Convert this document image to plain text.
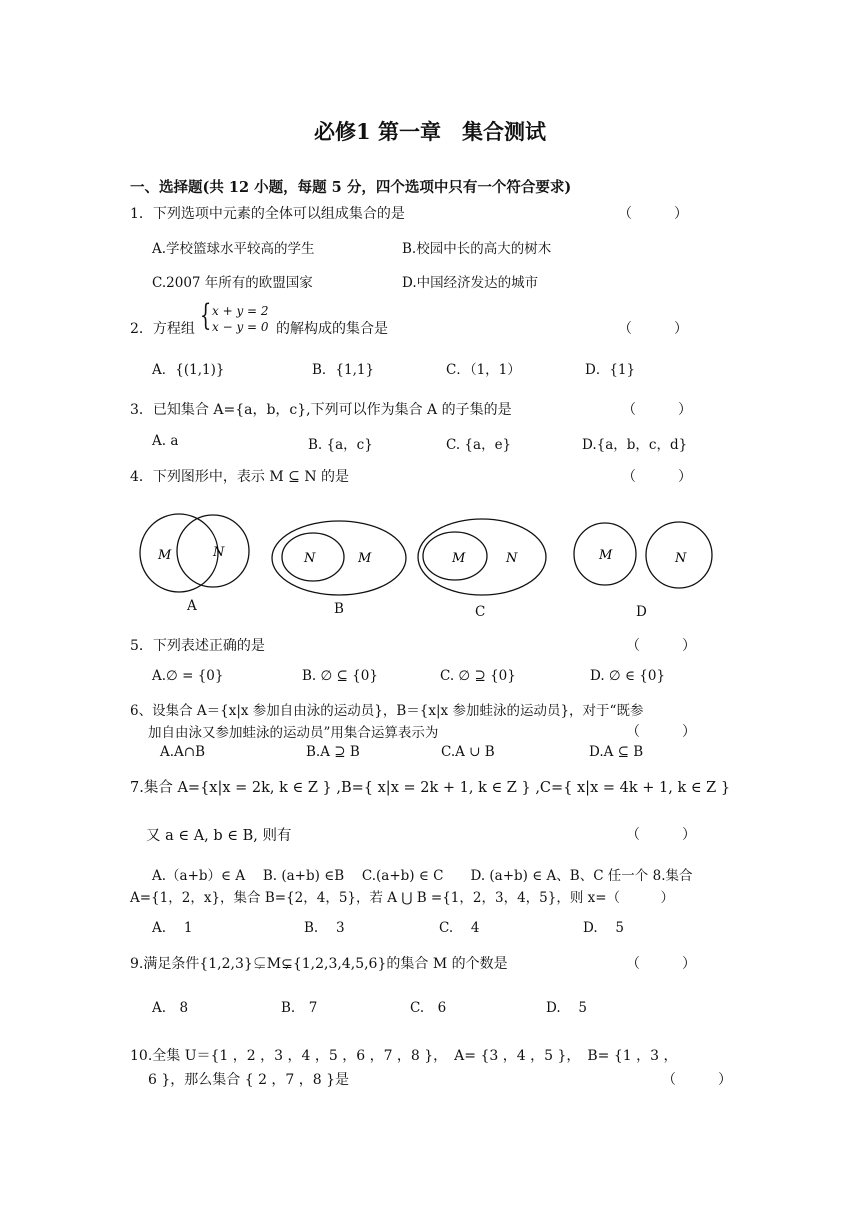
必修1 第一章　集合测试
一、选择题(共 12 小题，每题 5 分，四个选项中只有一个符合要求)
1．下列选项中元素的全体可以组成集合的是	（　　　）
A.学校篮球水平较高的学生	B.校园中长的高大的树木
C.2007 年所有的欧盟国家	D.中国经济发达的城市
2．方程组 { x + y = 2
x − y = 0 的解构成的集合是	（　　　）
A．{(1,1)}	B．{1,1}	C．（1，1）	D．{1}
3．已知集合 A={a，b，c},下列可以作为集合 A 的子集的是	（　　　）
A. a	B. {a，c}	C. {a，e}	D.{a，b，c，d}
4．下列图形中，表示 M ⊆ N 的是	（　　　）
M	N	N	M	M	N	M	N
A	B	C	D
5．下列表述正确的是	（　　　）
A.∅ = {0}	B. ∅ ⊆ {0}	C. ∅ ⊇ {0}	D. ∅ ∈ {0}
6、设集合 A＝{x|x 参加自由泳的运动员}，B＝{x|x 参加蛙泳的运动员}，对于“既参
加自由泳又参加蛙泳的运动员”用集合运算表示为	（　　　）
A.A∩B	B.A ⊇ B	C.A ∪ B	D.A ⊆ B
7.集合 A={x|x = 2k, k ∈ Z } ,B={ x|x = 2k + 1, k ∈ Z } ,C={ x|x = 4k + 1, k ∈ Z }
又 a ∈ A, b ∈ B, 则有	（　　　）
A.（a+b）∈ A　 B. (a+b) ∈B　 C.(a+b) ∈ C　　D. (a+b) ∈ A、B、C 任一个 8.集合
A={1，2，x}，集合 B={2，4，5}，若 A ⋃ B ={1，2，3，4，5}，则 x=（　　　）
A.　 1	B.　 3	C.　 4	D.　 5
9.满足条件{1,2,3}⊊M⊊{1,2,3,4,5,6}的集合 M 的个数是	（　　　）
A.　8	B.　7	C.　6	D.　 5
10.全集 U＝{1 ，2 ，3 ，4 ，5 ，6 ，7 ，8 }，　A= {3 ，4 ，5 }，　B= {1 ，3 ，
6 }，那么集合 { 2 ，7 ，8 }是	（　　　）
